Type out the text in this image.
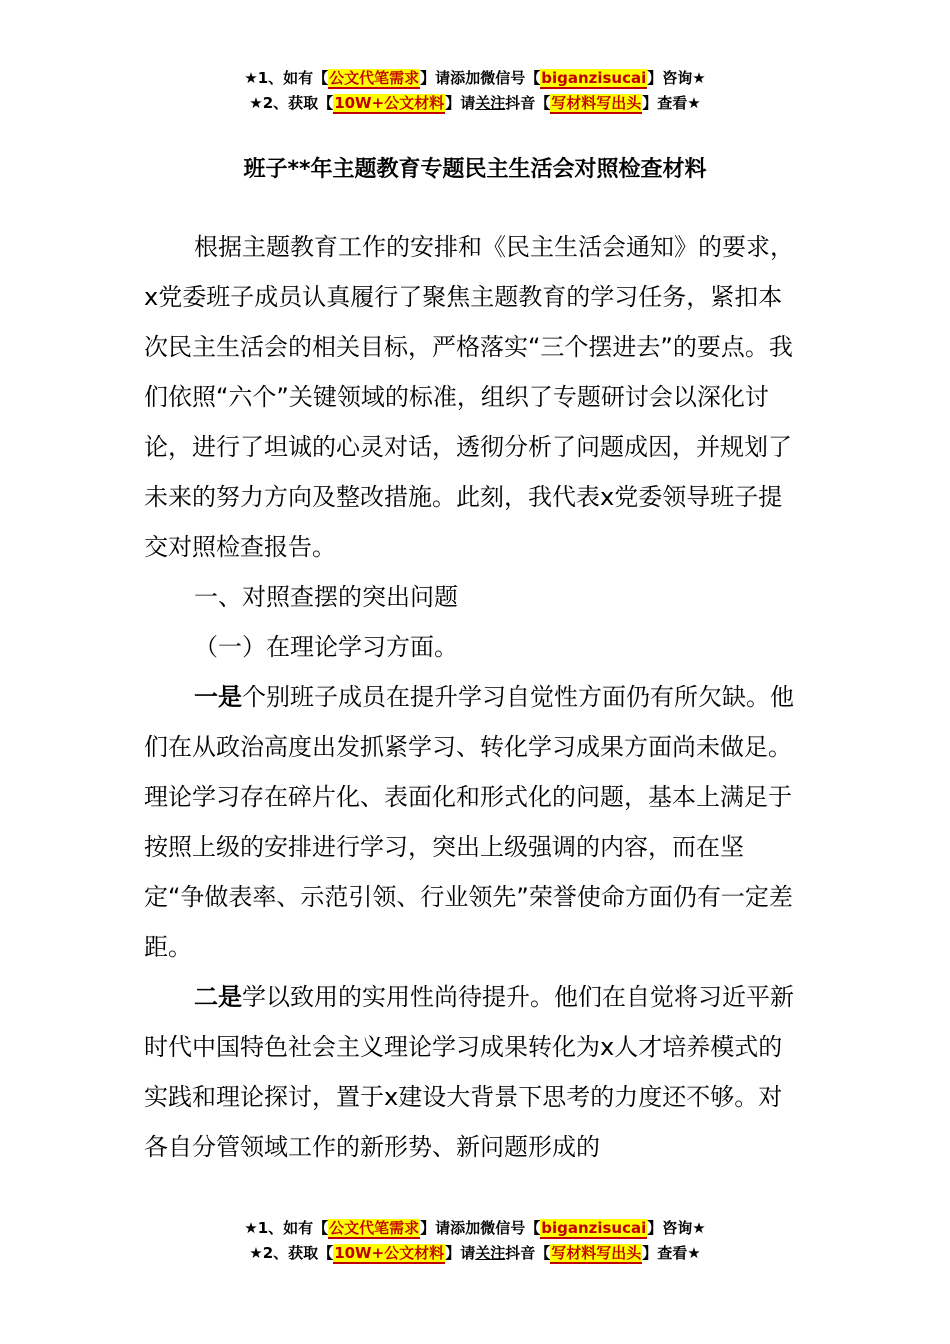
★1、如有【公文代笔需求】请添加微信号【biganzisucai】咨询★
★2、获取【10W+公文材料】请关注抖音【写材料写出头】查看★
班子**年主题教育专题民主生活会对照检查材料

根据主题教育工作的安排和《民主生活会通知》的要求，x党委班子成员认真履行了聚焦主题教育的学习任务，紧扣本次民主生活会的相关目标，严格落实“三个摆进去”的要点。我们依照“六个”关键领域的标准，组织了专题研讨会以深化讨论，进行了坦诚的心灵对话，透彻分析了问题成因，并规划了未来的努力方向及整改措施。此刻，我代表x党委领导班子提交对照检查报告。

一、对照查摆的突出问题

（一）在理论学习方面。

一是个别班子成员在提升学习自觉性方面仍有所欠缺。他们在从政治高度出发抓紧学习、转化学习成果方面尚未做足。理论学习存在碎片化、表面化和形式化的问题，基本上满足于按照上级的安排进行学习，突出上级强调的内容，而在坚定“争做表率、示范引领、行业领先”荣誉使命方面仍有一定差距。

二是学以致用的实用性尚待提升。他们在自觉将习近平新时代中国特色社会主义理论学习成果转化为x人才培养模式的实践和理论探讨，置于x建设大背景下思考的力度还不够。对各自分管领域工作的新形势、新问题形成的

★1、如有【公文代笔需求】请添加微信号【biganzisucai】咨询★
★2、获取【10W+公文材料】请关注抖音【写材料写出头】查看★
